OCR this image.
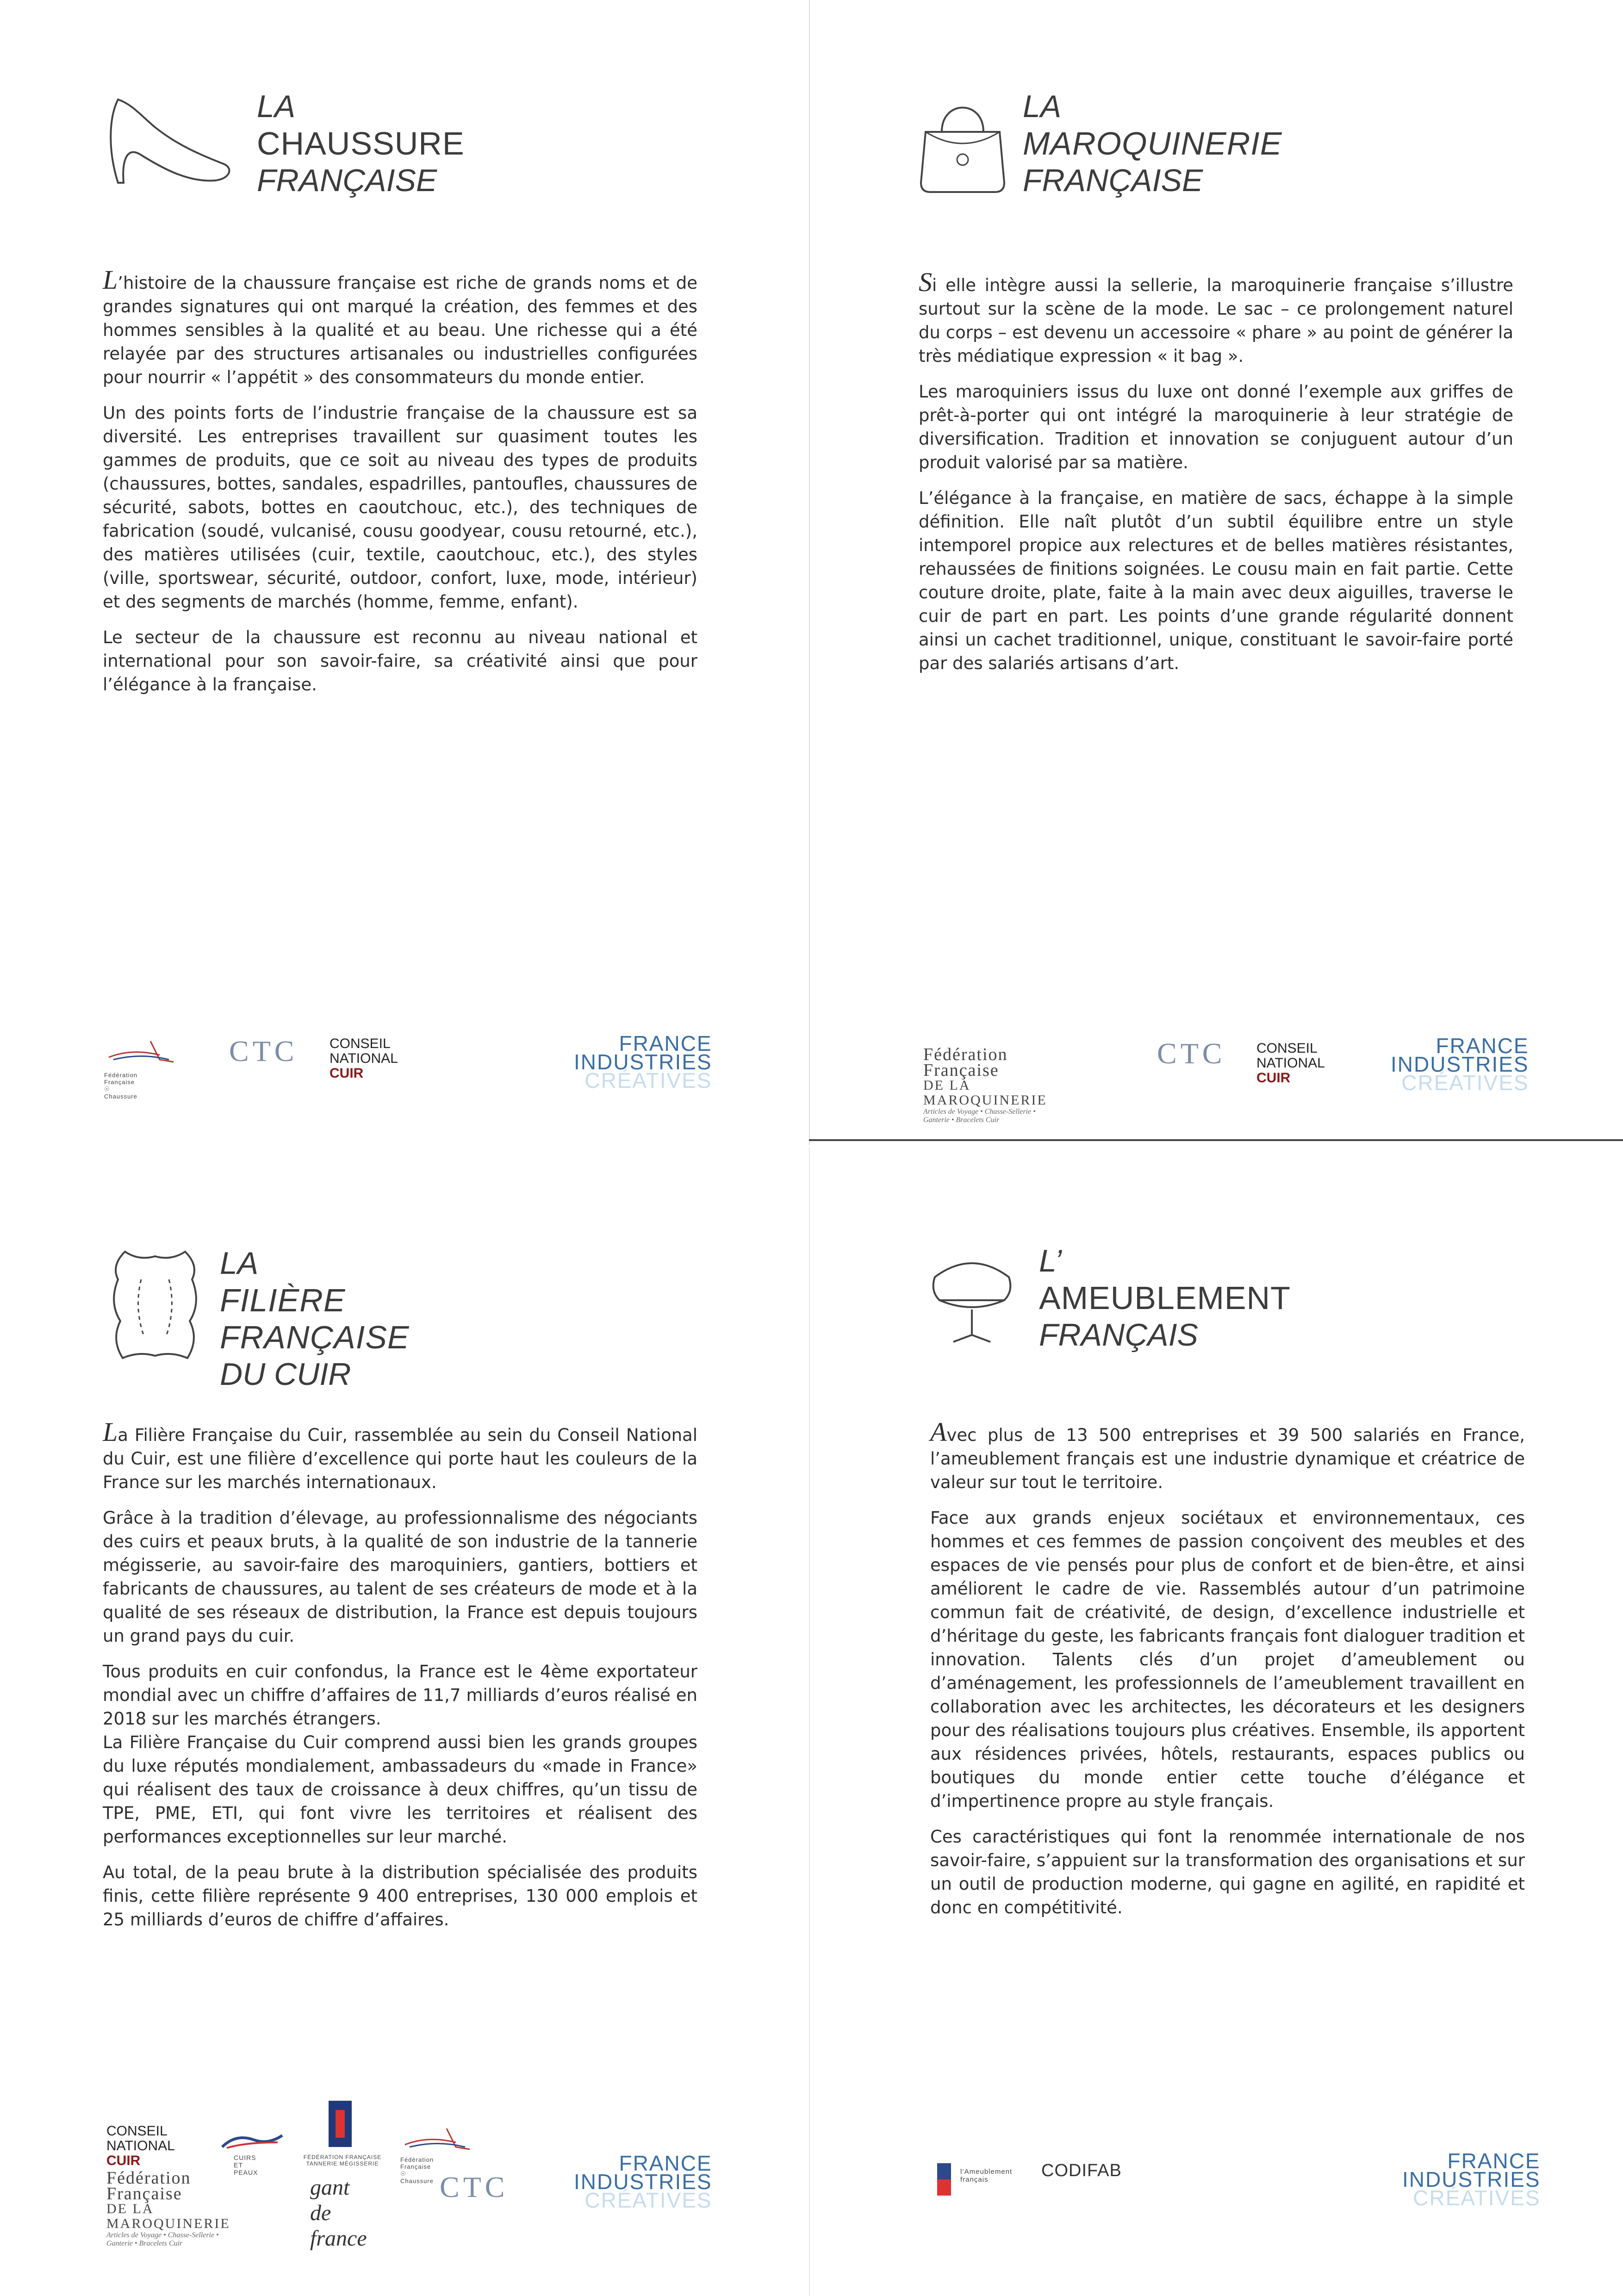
LA
CHAUSSURE
FRANÇAISE

L’histoire de la chaussure française est riche de grands noms et de grandes signatures qui ont marqué la création, des femmes et des hommes sensibles à la qualité et au beau. Une richesse qui a été relayée par des structures artisanales ou industrielles configurées pour nourrir « l’appétit » des consommateurs du monde entier.

Un des points forts de l’industrie française de la chaussure est sa diversité. Les entreprises travaillent sur quasiment toutes les gammes de produits, que ce soit au niveau des types de produits (chaussures, bottes, sandales, espadrilles, pantoufles, chaussures de sécurité, sabots, bottes en caoutchouc, etc.), des techniques de fabrication (soudé, vulcanisé, cousu goodyear, cousu retourné, etc.), des matières utilisées (cuir, textile, caoutchouc, etc.), des styles (ville, sportswear, sécurité, outdoor, confort, luxe, mode, intérieur) et des segments de marchés (homme, femme, enfant).

Le secteur de la chaussure est reconnu au niveau national et international pour son savoir-faire, sa créativité ainsi que pour l’élégance à la française.

Fédération Française ☉ Chaussure
CTC CONSEIL
NATIONAL
CUIR
FRANCE
INDUSTRIES
CRÉATIVES
LA
MAROQUINERIE
FRANÇAISE

Si elle intègre aussi la sellerie, la maroquinerie française s’illustre surtout sur la scène de la mode. Le sac – ce prolongement naturel du corps – est devenu un accessoire « phare » au point de générer la très médiatique expression « it bag ».

Les maroquiniers issus du luxe ont donné l’exemple aux griffes de prêt-à-porter qui ont intégré la maroquinerie à leur stratégie de diversification. Tradition et innovation se conjuguent autour d’un produit valorisé par sa matière.

L’élégance à la française, en matière de sacs, échappe à la simple définition. Elle naît plutôt d’un subtil équilibre entre un style intemporel propice aux relectures et de belles matières résistantes, rehaussées de finitions soignées. Le cousu main en fait partie. Cette couture droite, plate, faite à la main avec deux aiguilles, traverse le cuir de part en part. Les points d’une grande régularité donnent ainsi un cachet traditionnel, unique, constituant le savoir-faire porté par des salariés artisans d’art.

Fédération Française
DE LA MAROQUINERIE
Articles de Voyage • Chasse-Sellerie • Ganterie • Bracelets Cuir
CTC CONSEIL
NATIONAL
CUIR
FRANCE
INDUSTRIES
CRÉATIVES
LA
FILIÈRE FRANÇAISE
DU CUIR

La Filière Française du Cuir, rassemblée au sein du Conseil National du Cuir, est une filière d’excellence qui porte haut les couleurs de la France sur les marchés internationaux.

Grâce à la tradition d’élevage, au professionnalisme des négociants des cuirs et peaux bruts, à la qualité de son industrie de la tannerie mégisserie, au savoir-faire des maroquiniers, gantiers, bottiers et fabricants de chaussures, au talent de ses créateurs de mode et à la qualité de ses réseaux de distribution, la France est depuis toujours un grand pays du cuir.

Tous produits en cuir confondus, la France est le 4ème exportateur mondial avec un chiffre d’affaires de 11,7 milliards d’euros réalisé en 2018 sur les marchés étrangers.

La Filière Française du Cuir comprend aussi bien les grands groupes du luxe réputés mondialement, ambassadeurs du «made in France» qui réalisent des taux de croissance à deux chiffres, qu’un tissu de TPE, PME, ETI, qui font vivre les territoires et réalisent des performances exceptionnelles sur leur marché.

Au total, de la peau brute à la distribution spécialisée des produits finis, cette filière représente 9 400 entreprises, 130 000 emplois et 25 milliards d’euros de chiffre d’affaires.

CONSEIL
NATIONAL
CUIR	CUIRS ET PEAUX
FÉDÉRATION FRANÇAISE TANNERIE MÉGISSERIE
Fédération Française ☉ Chaussure
Fédération Française
DE LA MAROQUINERIE
Articles de Voyage • Chasse-Sellerie • Ganterie • Bracelets Cuir
gant de france
CTC
FRANCE
INDUSTRIES
CRÉATIVES
L’
AMEUBLEMENT
FRANÇAIS

Avec plus de 13 500 entreprises et 39 500 salariés en France, l’ameublement français est une industrie dynamique et créatrice de valeur sur tout le territoire.

Face aux grands enjeux sociétaux et environnementaux, ces hommes et ces femmes de passion conçoivent des meubles et des espaces de vie pensés pour plus de confort et de bien-être, et ainsi améliorent le cadre de vie. Rassemblés autour d’un patrimoine commun fait de créativité, de design, d’excellence industrielle et d’héritage du geste, les fabricants français font dialoguer tradition et innovation. Talents clés d’un projet d’ameublement ou d’aménagement, les professionnels de l’ameublement travaillent en collaboration avec les architectes, les décorateurs et les designers pour des réalisations toujours plus créatives. Ensemble, ils apportent aux résidences privées, hôtels, restaurants, espaces publics ou boutiques du monde entier cette touche d’élégance et d’impertinence propre au style français.

Ces caractéristiques qui font la renommée internationale de nos savoir-faire, s’appuient sur la transformation des organisations et sur un outil de production moderne, qui gagne en agilité, en rapidité et donc en compétitivité.

l’Ameublement français	CODIFAB	FRANCE
INDUSTRIES
CRÉATIVES
